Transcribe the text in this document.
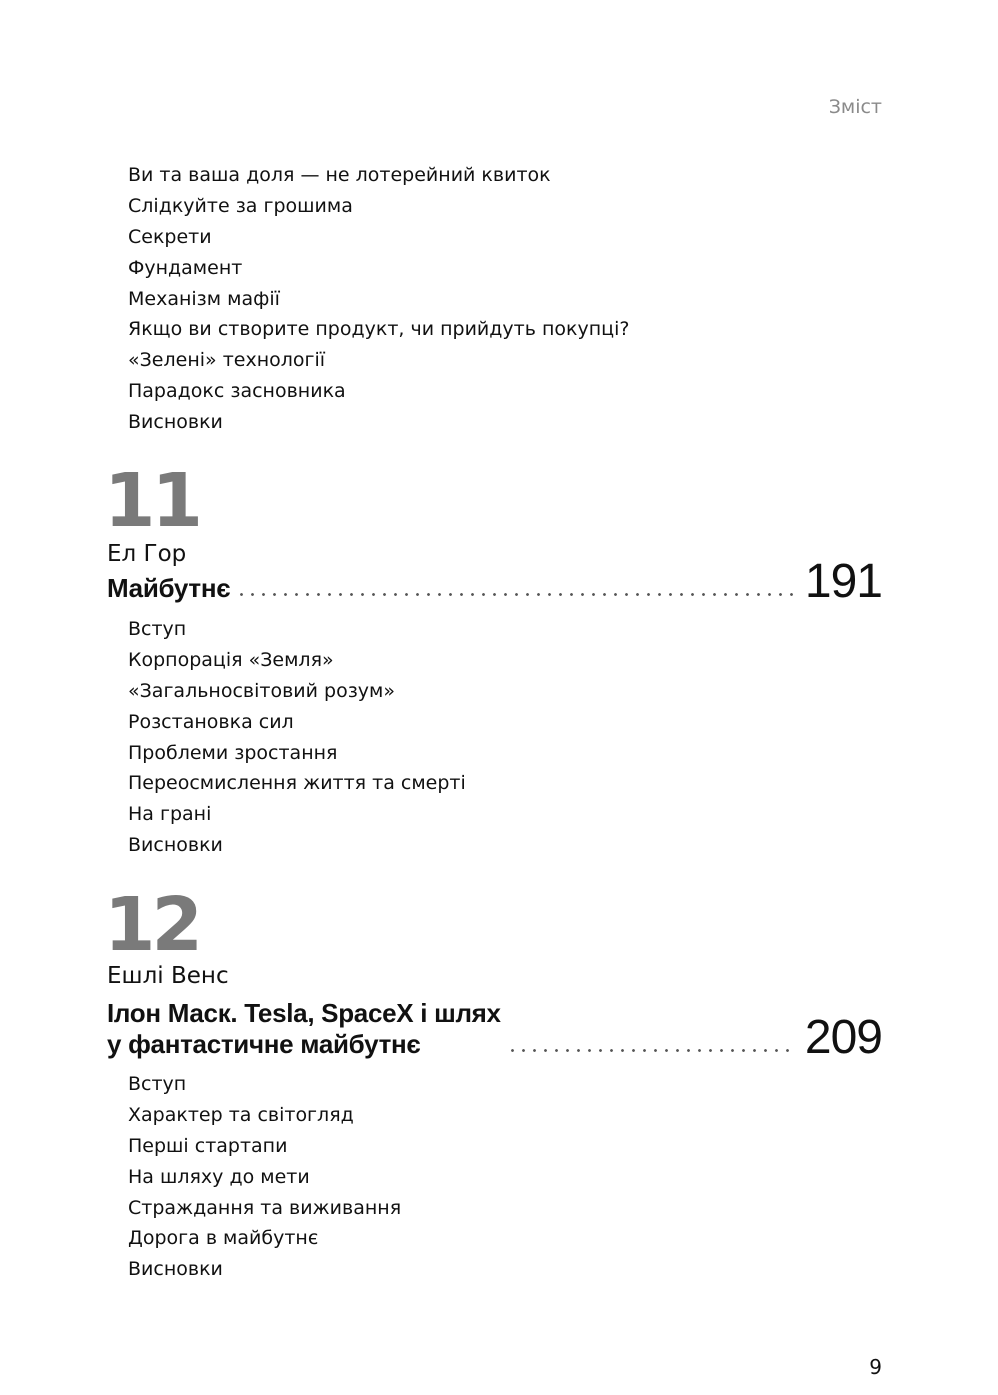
Зміст
Ви та ваша доля — не лотерейний квиток
Слідкуйте за грошима
Секрети
Фундамент
Механізм мафії
Якщо ви створите продукт, чи прийдуть покупці?
«Зелені» технології
Парадокс засновника
Висновки
11
Ел Гор
Майбутнє	191
Вступ
Корпорація «Земля»
«Загальносвітовий розум»
Розстановка сил
Проблеми зростання
Переосмислення життя та смерті
На грані
Висновки
12
Ешлі Венс
Ілон Маск. Tesla, SpaceX і шлях
у фантастичне майбутнє	209
Вступ
Характер та світогляд
Перші стартапи
На шляху до мети
Страждання та виживання
Дорога в майбутнє
Висновки
9
